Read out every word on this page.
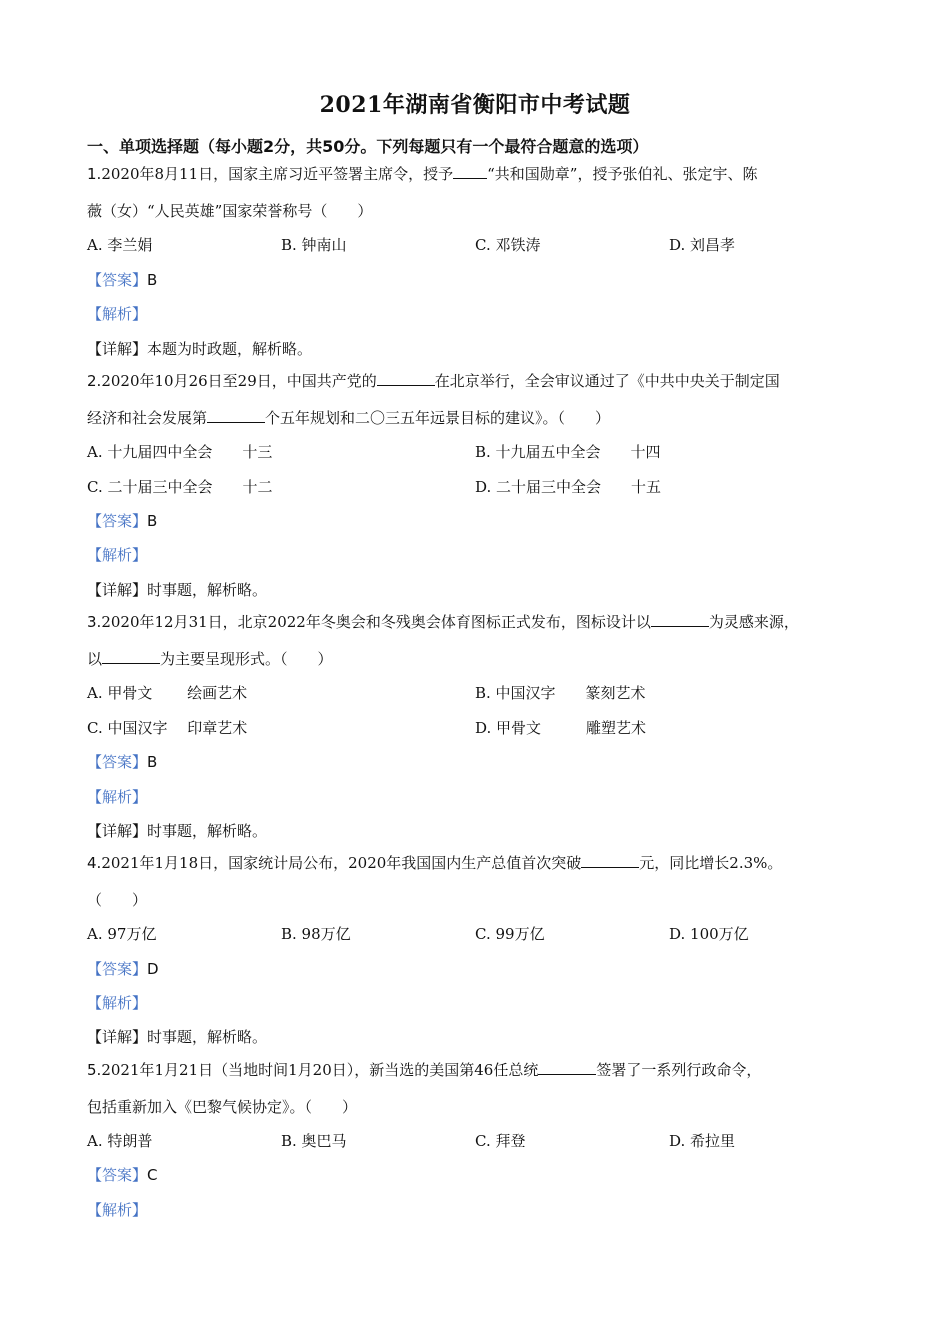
2021年湖南省衡阳市中考试题
一、单项选择题（每小题2分，共50分。下列每题只有一个最符合题意的选项）
1.2020年8月11日，国家主席习近平签署主席令，授予 “共和国勋章”，授予张伯礼、张定宇、陈
薇（女）“人民英雄”国家荣誉称号（　　）
A. 李兰娟	B. 钟南山	C. 邓铁涛	D. 刘昌孝
【答案】B
【解析】
【详解】本题为时政题，解析略。
2.2020年10月26日至29日，中国共产党的	在北京举行，全会审议通过了《中共中央关于制定国
经济和社会发展第	个五年规划和二〇三五年远景目标的建议》。（　　）
A. 十九届四中全会　　十三	B. 十九届五中全会　　十四
C. 二十届三中全会　　十二	D. 二十届三中全会　　十五
【答案】B
【解析】
【详解】时事题，解析略。
3.2020年12月31日，北京2022年冬奥会和冬残奥会体育图标正式发布，图标设计以	为灵感来源，
以	为主要呈现形式。（　　）
A. 甲骨文　　 绘画艺术	B. 中国汉字　　篆刻艺术
C. 中国汉字　 印章艺术	D. 甲骨文　　　雕塑艺术
【答案】B
【解析】
【详解】时事题，解析略。
4.2021年1月18日，国家统计局公布，2020年我国国内生产总值首次突破	元，同比增长2.3%。
（　　）
A. 97万亿	B. 98万亿	C. 99万亿	D. 100万亿
【答案】D
【解析】
【详解】时事题，解析略。
5.2021年1月21日（当地时间1月20日），新当选的美国第46任总统	签署了一系列行政命令，
包括重新加入《巴黎气候协定》。（　　）
A. 特朗普	B. 奥巴马	C. 拜登	D. 希拉里
【答案】C
【解析】
